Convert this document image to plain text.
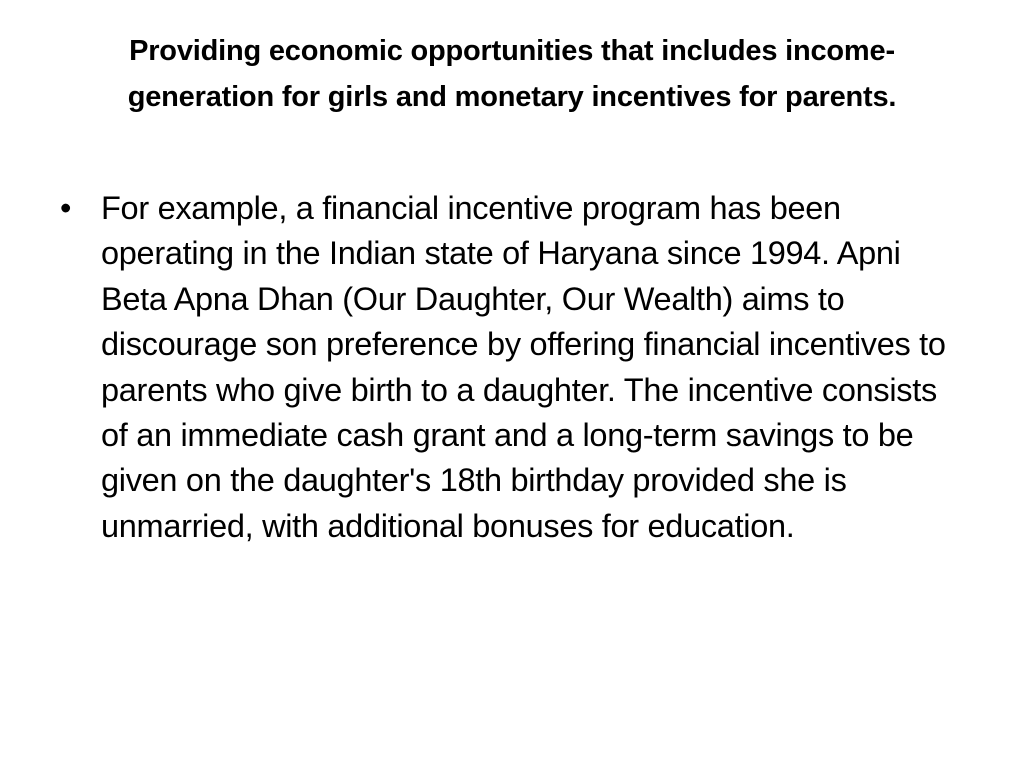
Providing economic opportunities that includes income-generation for girls and monetary incentives for parents.
• For example, a financial incentive program has been operating in the Indian state of Haryana since 1994. Apni Beta Apna Dhan (Our Daughter, Our Wealth) aims to discourage son preference by offering financial incentives to parents who give birth to a daughter. The incentive consists of an immediate cash grant and a long-term savings to be given on the daughter's 18th birthday provided she is unmarried, with additional bonuses for education.
